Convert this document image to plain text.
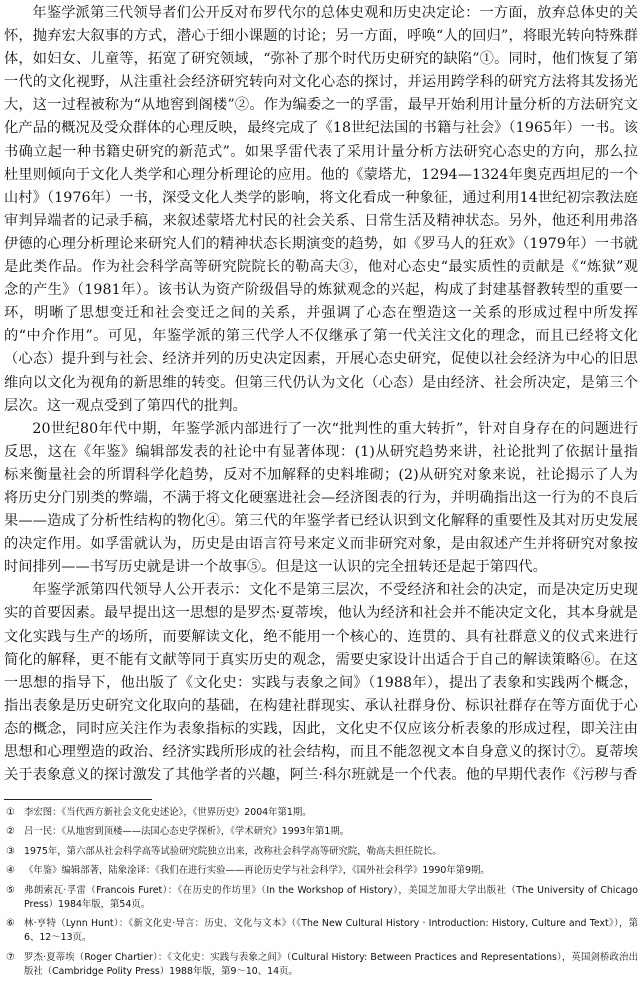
年鉴学派第三代领导者们公开反对布罗代尔的总体史观和历史决定论：一方面，放弃总体史的关怀，抛弃宏大叙事的方式，潜心于细小课题的讨论；另一方面，呼唤“人的回归”，将眼光转向特殊群体，如妇女、儿童等，拓宽了研究领域，“弥补了那个时代历史研究的缺陷”①。同时，他们恢复了第一代的文化视野，从注重社会经济研究转向对文化心态的探讨，并运用跨学科的研究方法将其发扬光大，这一过程被称为“从地窖到阁楼”②。作为编委之一的孚雷，最早开始利用计量分析的方法研究文化产品的概况及受众群体的心理反映，最终完成了《18世纪法国的书籍与社会》（1965年）一书。该书确立起一种书籍史研究的新范式”。如果孚雷代表了采用计量分析方法研究心态史的方向，那么拉杜里则倾向于文化人类学和心理分析理论的应用。他的《蒙塔尤，1294—1324年奥克西坦尼的一个山村》（1976年）一书，深受文化人类学的影响，将文化看成一种象征，通过利用14世纪初宗教法庭审判异端者的记录手稿，来叙述蒙塔尤村民的社会关系、日常生活及精神状态。另外，他还利用弗洛伊德的心理分析理论来研究人们的精神状态长期演变的趋势，如《罗马人的狂欢》（1979年）一书就是此类作品。作为社会科学高等研究院院长的勒高夫③，他对心态史“最实质性的贡献是《“炼狱”观念的产生》（1981年）。该书认为资产阶级倡导的炼狱观念的兴起，构成了封建基督教转型的重要一环，明晰了思想变迁和社会变迁之间的关系，并强调了心态在塑造这一关系的形成过程中所发挥的“中介作用”。可见，年鉴学派的第三代学人不仅继承了第一代关注文化的理念，而且已经将文化（心态）提升到与社会、经济并列的历史决定因素，开展心态史研究，促使以社会经济为中心的旧思维向以文化为视角的新思维的转变。但第三代仍认为文化（心态）是由经济、社会所决定，是第三个层次。这一观点受到了第四代的批判。

20世纪80年代中期，年鉴学派内部进行了一次“批判性的重大转折”，针对自身存在的问题进行反思，这在《年鉴》编辑部发表的社论中有显著体现：(1)从研究趋势来讲，社论批判了依据计量指标来衡量社会的所谓科学化趋势，反对不加解释的史料堆砌；(2)从研究对象来说，社论揭示了人为将历史分门别类的弊端，不满于将文化硬塞进社会—经济图表的行为，并明确指出这一行为的不良后果——造成了分析性结构的物化④。第三代的年鉴学者已经认识到文化解释的重要性及其对历史发展的决定作用。如孚雷就认为，历史是由语言符号来定义而非研究对象，是由叙述产生并将研究对象按时间排列——书写历史就是讲一个故事⑤。但是这一认识的完全扭转还是起于第四代。

年鉴学派第四代领导人公开表示：文化不是第三层次，不受经济和社会的决定，而是决定历史现实的首要因素。最早提出这一思想的是罗杰·夏蒂埃，他认为经济和社会并不能决定文化，其本身就是文化实践与生产的场所，而要解读文化，绝不能用一个核心的、连贯的、具有社群意义的仪式来进行简化的解释，更不能有文献等同于真实历史的观念，需要史家设计出适合于自己的解读策略⑥。在这一思想的指导下，他出版了《文化史：实践与表象之间》（1988年），提出了表象和实践两个概念，指出表象是历史研究文化取向的基础，在构建社群现实、承认社群身份、标识社群存在等方面优于心态的概念，同时应关注作为表象指标的实践，因此，文化史不仅应该分析表象的形成过程，即关注由思想和心理塑造的政治、经济实践所形成的社会结构，而且不能忽视文本自身意义的探讨⑦。夏蒂埃关于表象意义的探讨激发了其他学者的兴趣，阿兰·科尔班就是一个代表。他的早期代表作《污秽与香

① 李宏图：《当代西方新社会文化史述论》，《世界历史》2004年第1期。
② 吕一民：《从地窖到顶楼——法国心态史学探析》，《学术研究》1993年第1期。
③ 1975年，第六部从社会科学高等试验研究院独立出来，改称社会科学高等研究院，勒高夫担任院长。
④ 《年鉴》编辑部著，陆象淦译：《我们在进行实验——再论历史学与社会科学》，《国外社会科学》1990年第9期。
⑤ 弗朗索瓦·孚雷（Francois Furet）：《在历史的作坊里》（In the Workshop of History），美国芝加哥大学出版社（The University of Chicago Press）1984年版，第54页。
⑥ 林·亨特（Lynn Hunt）：《新文化史·导言：历史、文化与文本》（《The New Cultural History · Introduction: History, Culture and Text》），第6、12～13页。
⑦ 罗杰·夏蒂埃（Roger Chartier）：《文化史：实践与表象之间》（Cultural History: Between Practices and Representations），英国剑桥政治出版社（Cambridge Polity Press）1988年版，第9～10、14页。
